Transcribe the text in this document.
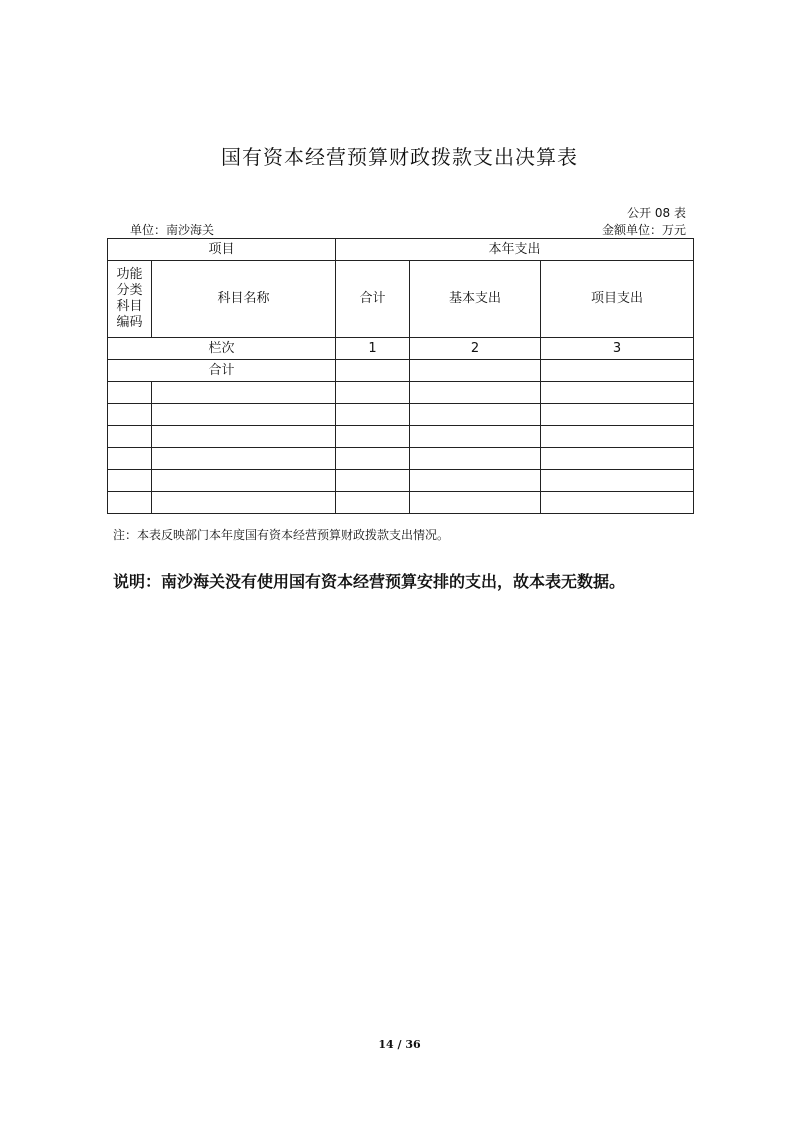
国有资本经营预算财政拨款支出决算表
公开 08 表
单位：南沙海关	金额单位：万元
项目		本年支出		

功能
分类
科目
编码	科目名称	合计	基本支出	项目支出
栏次		1	2	3
合计				

注：本表反映部门本年度国有资本经营预算财政拨款支出情况。
说明：南沙海关没有使用国有资本经营预算安排的支出，故本表无数据。
14 / 36
